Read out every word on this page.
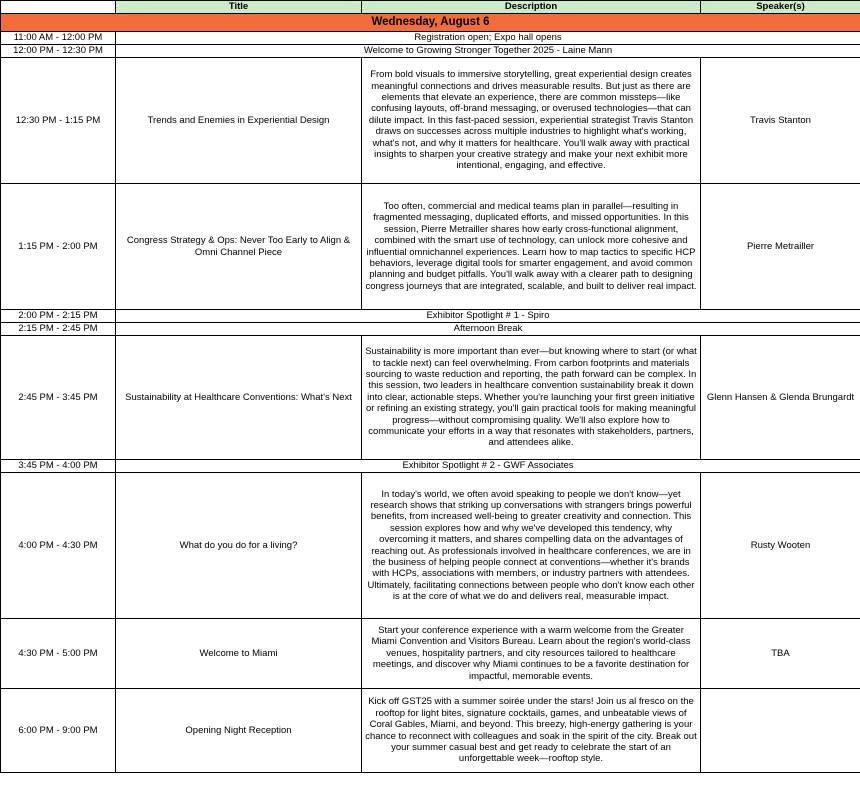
	Title	Description	Speaker(s)
Wednesday, August 6			
11:00 AM - 12:00 PM	Registration open; Expo hall opens		
12:00 PM - 12:30 PM	Welcome to Growing Stronger Together 2025 - Laine Mann		
12:30 PM - 1:15 PM	Trends and Enemies in Experiential Design	From bold visuals to immersive storytelling, great experiential design creates meaningful connections and drives measurable results. But just as there are elements that elevate an experience, there are common missteps—like confusing layouts, off-brand messaging, or overused technologies—that can dilute impact. In this fast-paced session, experiential strategist Travis Stanton draws on successes across multiple industries to highlight what's working, what's not, and why it matters for healthcare. You'll walk away with practical insights to sharpen your creative strategy and make your next exhibit more intentional, engaging, and effective.	Travis Stanton
1:15 PM - 2:00 PM	Congress Strategy & Ops: Never Too Early to Align & Omni Channel Piece	Too often, commercial and medical teams plan in parallel—resulting in fragmented messaging, duplicated efforts, and missed opportunities. In this session, Pierre Metrailler shares how early cross-functional alignment, combined with the smart use of technology, can unlock more cohesive and influential omnichannel experiences. Learn how to map tactics to specific HCP behaviors, leverage digital tools for smarter engagement, and avoid common planning and budget pitfalls. You'll walk away with a clearer path to designing congress journeys that are integrated, scalable, and built to deliver real impact.	Pierre Metrailler
2:00 PM - 2:15 PM	Exhibitor Spotlight # 1 - Spiro		
2:15 PM - 2:45 PM	Afternoon Break		
2:45 PM - 3:45 PM	Sustainability at Healthcare Conventions: What's Next	Sustainability is more important than ever—but knowing where to start (or what to tackle next) can feel overwhelming. From carbon footprints and materials sourcing to waste reduction and reporting, the path forward can be complex. In this session, two leaders in healthcare convention sustainability break it down into clear, actionable steps. Whether you're launching your first green initiative or refining an existing strategy, you'll gain practical tools for making meaningful progress—without compromising quality. We'll also explore how to communicate your efforts in a way that resonates with stakeholders, partners, and attendees alike.	Glenn Hansen & Glenda Brungardt
3:45 PM - 4:00 PM	Exhibitor Spotlight # 2 - GWF Associates		
4:00 PM - 4:30 PM	What do you do for a living?	In today's world, we often avoid speaking to people we don't know—yet research shows that striking up conversations with strangers brings powerful benefits, from increased well-being to greater creativity and connection. This session explores how and why we've developed this tendency, why overcoming it matters, and shares compelling data on the advantages of reaching out. As professionals involved in healthcare conferences, we are in the business of helping people connect at conventions—whether it's brands with HCPs, associations with members, or industry partners with attendees. Ultimately, facilitating connections between people who don't know each other is at the core of what we do and delivers real, measurable impact.	Rusty Wooten
4:30 PM - 5:00 PM	Welcome to Miami	Start your conference experience with a warm welcome from the Greater Miami Convention and Visitors Bureau. Learn about the region's world-class venues, hospitality partners, and city resources tailored to healthcare meetings, and discover why Miami continues to be a favorite destination for impactful, memorable events.	TBA
6:00 PM - 9:00 PM	Opening Night Reception	Kick off GST25 with a summer soirée under the stars! Join us al fresco on the rooftop for light bites, signature cocktails, games, and unbeatable views of Coral Gables, Miami, and beyond. This breezy, high-energy gathering is your chance to reconnect with colleagues and soak in the spirit of the city. Break out your summer casual best and get ready to celebrate the start of an unforgettable week—rooftop style.	
